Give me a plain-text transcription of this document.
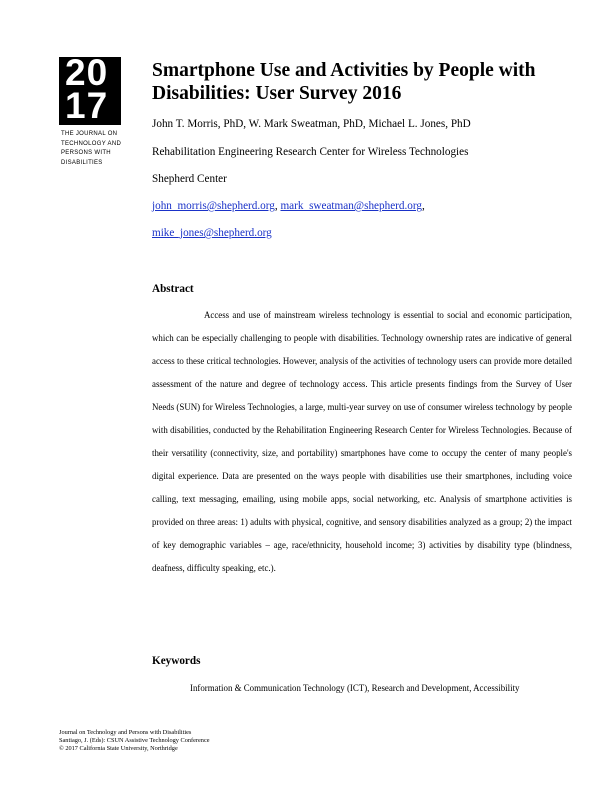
20
17
THE JOURNAL ON
TECHNOLOGY AND
PERSONS WITH
DISABILITIES
Smartphone Use and Activities by People with Disabilities: User Survey 2016
John T. Morris, PhD, W. Mark Sweatman, PhD, Michael L. Jones, PhD
Rehabilitation Engineering Research Center for Wireless Technologies
Shepherd Center
john_morris@shepherd.org, mark_sweatman@shepherd.org,
mike_jones@shepherd.org
Abstract

Access and use of mainstream wireless technology is essential to social and economic participation, which can be especially challenging to people with disabilities. Technology ownership rates are indicative of general access to these critical technologies. However, analysis of the activities of technology users can provide more detailed assessment of the nature and degree of technology access. This article presents findings from the Survey of User Needs (SUN) for Wireless Technologies, a large, multi-year survey on use of consumer wireless technology by people with disabilities, conducted by the Rehabilitation Engineering Research Center for Wireless Technologies. Because of their versatility (connectivity, size, and portability) smartphones have come to occupy the center of many people's digital experience. Data are presented on the ways people with disabilities use their smartphones, including voice calling, text messaging, emailing, using mobile apps, social networking, etc. Analysis of smartphone activities is provided on three areas: 1) adults with physical, cognitive, and sensory disabilities analyzed as a group; 2) the impact of key demographic variables – age, race/ethnicity, household income; 3) activities by disability type (blindness, deafness, difficulty speaking, etc.).

Keywords
Information & Communication Technology (ICT), Research and Development, Accessibility
Journal on Technology and Persons with Disabilities
Santiago, J. (Eds): CSUN Assistive Technology Conference
© 2017 California State University, Northridge
